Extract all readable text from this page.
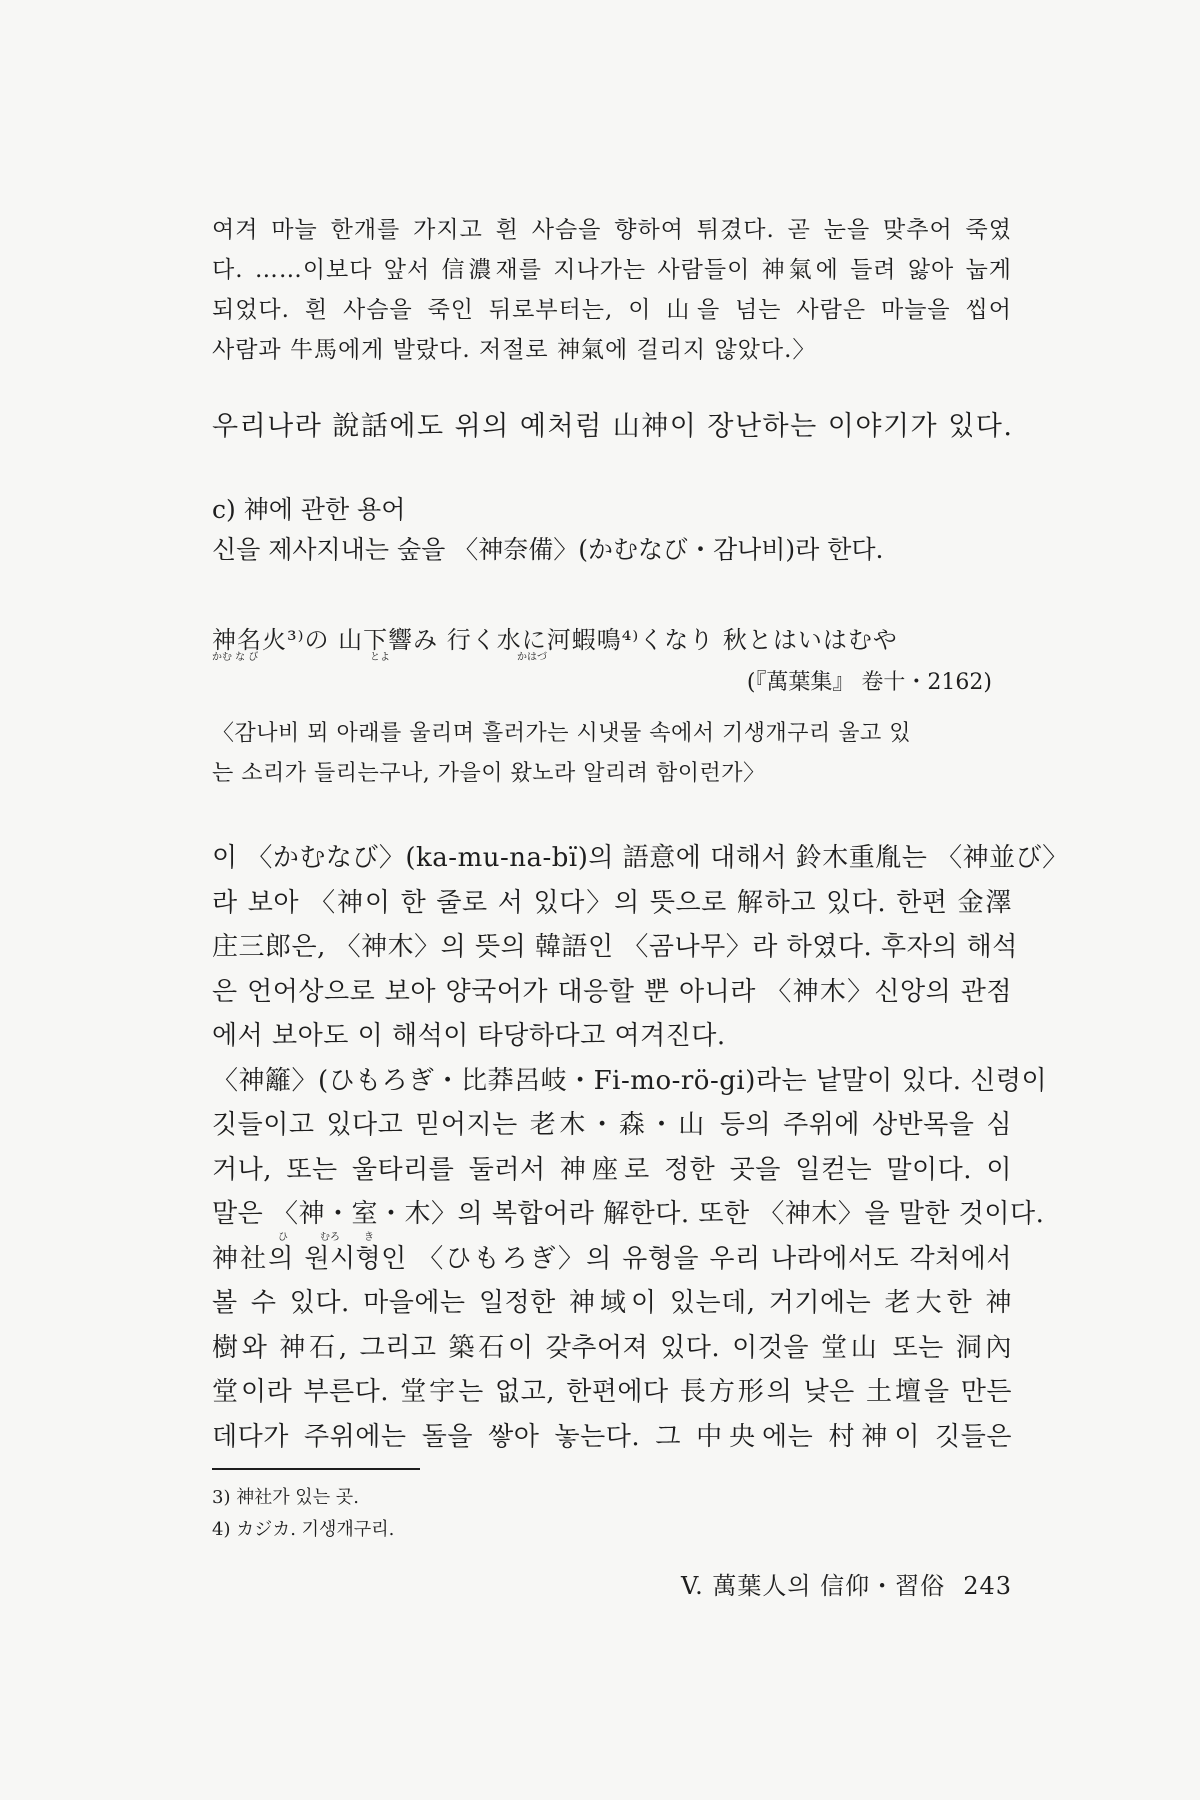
여겨 마늘 한개를 가지고 흰 사슴을 향하여 튀겼다. 곧 눈을 맞추어 죽였
다. ……이보다 앞서 信濃재를 지나가는 사람들이 神氣에 들려 앓아 눕게
되었다. 흰 사슴을 죽인 뒤로부터는, 이 山을 넘는 사람은 마늘을 씹어
사람과 牛馬에게 발랐다. 저절로 神氣에 걸리지 않았다.〉
우리나라 說話에도 위의 예처럼 山神이 장난하는 이야기가 있다.
c) 神에 관한 용어
신을 제사지내는 숲을 〈神奈備〉(かむなび・감나비)라 한다.
神名火³⁾の 山下響み 行く水に河蝦鳴⁴⁾くなり 秋とはいはむや
かむ な び	とよ	かはづ
(『萬葉集』 卷十・2162)
〈감나비 뫼 아래를 울리며 흘러가는 시냇물 속에서 기생개구리 울고 있
는 소리가 들리는구나, 가을이 왔노라 알리려 함이런가〉
이 〈かむなび〉(ka-mu-na-bï)의 語意에 대해서 鈴木重胤는 〈神並び〉
라 보아 〈神이 한 줄로 서 있다〉의 뜻으로 解하고 있다. 한편 金澤
庄三郎은, 〈神木〉의 뜻의 韓語인 〈곰나무〉라 하였다. 후자의 해석
은 언어상으로 보아 양국어가 대응할 뿐 아니라 〈神木〉신앙의 관점
에서 보아도 이 해석이 타당하다고 여겨진다.
〈神籬〉(ひもろぎ・比莽呂岐・Fi-mo-rö-gi)라는 낱말이 있다. 신령이
깃들이고 있다고 믿어지는 老木・森・山 등의 주위에 상반목을 심
거나, 또는 울타리를 둘러서 神座로 정한 곳을 일컫는 말이다. 이
말은 〈神・室・木〉의 복합어라 解한다. 또한 〈神木〉을 말한 것이다.
神社의 원시형인 〈ひもろぎ〉의 유형을 우리 나라에서도 각처에서
볼 수 있다. 마을에는 일정한 神域이 있는데, 거기에는 老大한 神
樹와 神石, 그리고 築石이 갖추어져 있다. 이것을 堂山 또는 洞內
堂이라 부른다. 堂宇는 없고, 한편에다 長方形의 낮은 土壇을 만든
데다가 주위에는 돌을 쌓아 놓는다. 그 中央에는 村神이 깃들은
ひ	むろ き
3) 神社가 있는 곳.
4) カジカ. 기생개구리.
V. 萬葉人의 信仰・習俗 243
